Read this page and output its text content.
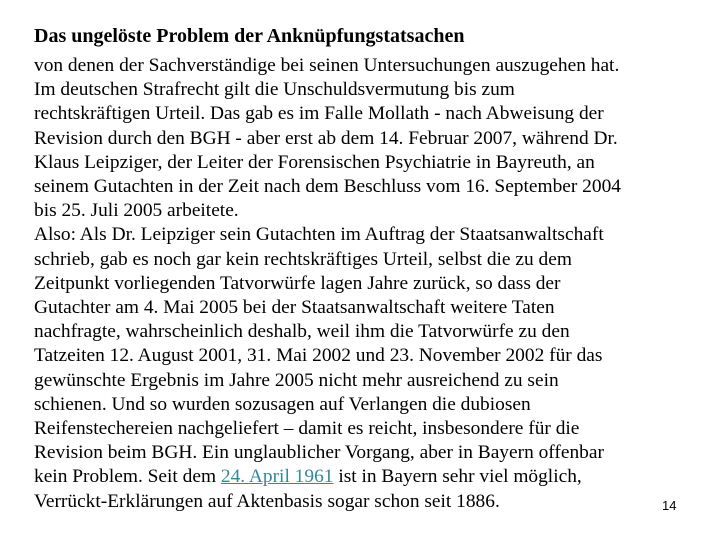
Das ungelöste Problem der Anknüpfungstatsachen
von denen der Sachverständige bei seinen Untersuchungen auszugehen hat.
Im deutschen Strafrecht gilt die Unschuldsvermutung bis zum
rechtskräftigen Urteil. Das gab es im Falle Mollath - nach Abweisung der
Revision durch den BGH - aber erst ab dem 14. Februar 2007, während Dr.
Klaus Leipziger, der Leiter der Forensischen Psychiatrie in Bayreuth, an
seinem Gutachten in der Zeit nach dem Beschluss vom 16. September 2004
bis 25. Juli 2005 arbeitete.
Also: Als Dr. Leipziger sein Gutachten im Auftrag der Staatsanwaltschaft
schrieb, gab es noch gar kein rechtskräftiges Urteil, selbst die zu dem
Zeitpunkt vorliegenden Tatvorwürfe lagen Jahre zurück, so dass der
Gutachter am 4. Mai 2005 bei der Staatsanwaltschaft weitere Taten
nachfragte, wahrscheinlich deshalb, weil ihm die Tatvorwürfe zu den
Tatzeiten 12. August 2001, 31. Mai 2002 und 23. November 2002 für das
gewünschte Ergebnis im Jahre 2005 nicht mehr ausreichend zu sein
schienen. Und so wurden sozusagen auf Verlangen die dubiosen
Reifenstechereien nachgeliefert – damit es reicht, insbesondere für die
Revision beim BGH. Ein unglaublicher Vorgang, aber in Bayern offenbar
kein Problem. Seit dem 24. April 1961 ist in Bayern sehr viel möglich,
Verrückt-Erklärungen auf Aktenbasis sogar schon seit 1886.	14
